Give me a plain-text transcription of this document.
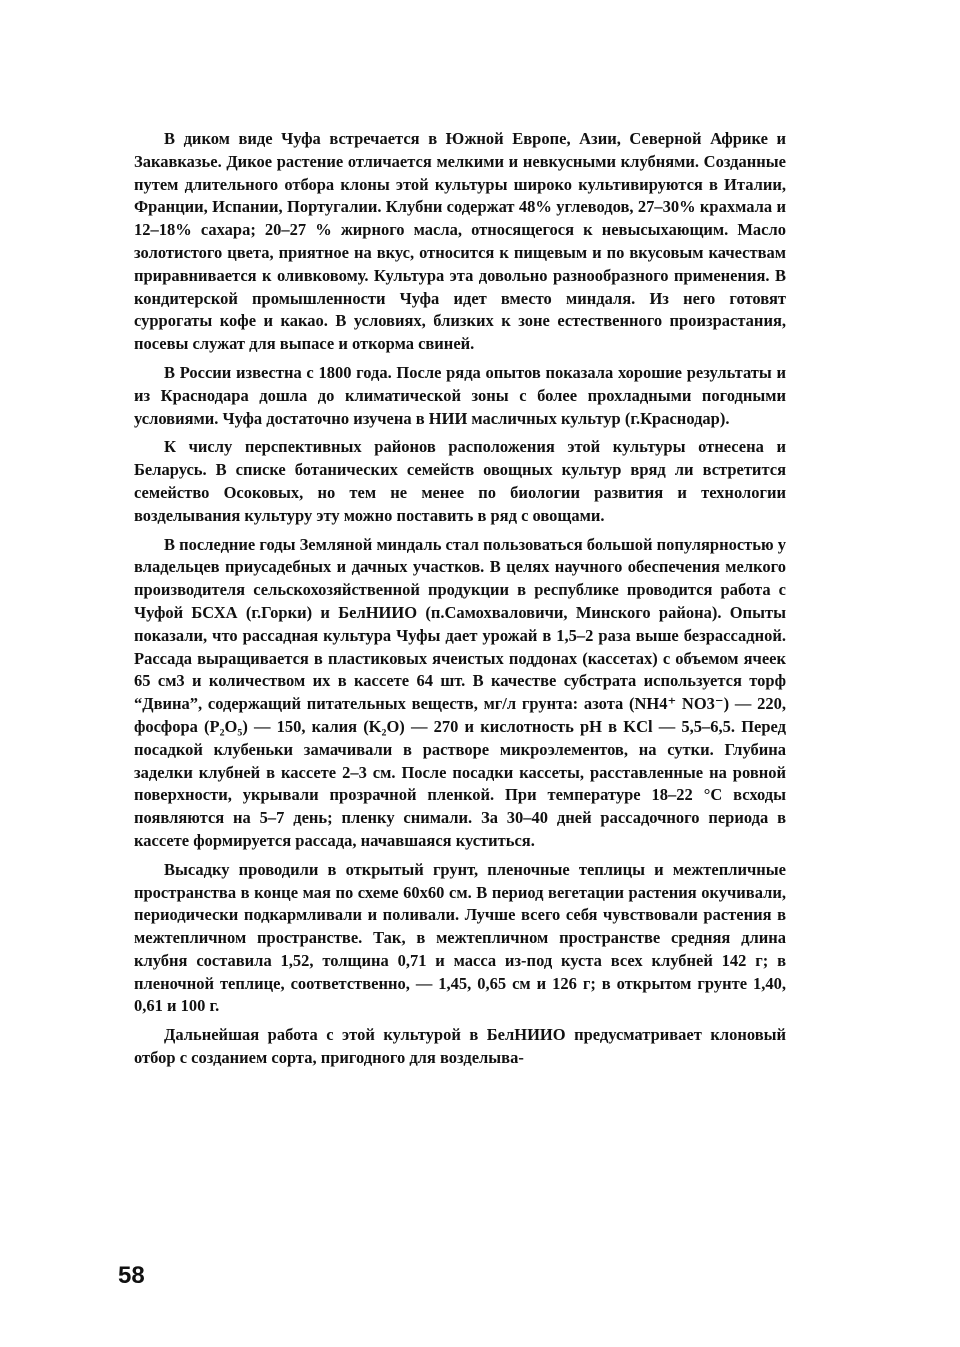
В диком виде Чуфа встречается в Южной Европе, Азии, Северной Африке и Закавказье. Дикое растение отличается мелкими и невкусными клубнями. Созданные путем длительного отбора клоны этой культуры широко культивируются в Италии, Франции, Испании, Португалии. Клубни содержат 48% углеводов, 27–30% крахмала и 12–18% сахара; 20–27 % жирного масла, относящегося к невысыхающим. Масло золотистого цвета, приятное на вкус, относится к пищевым и по вкусовым качествам приравнивается к оливковому. Культура эта довольно разнообразного применения. В кондитерской промышленности Чуфа идет вместо миндаля. Из него готовят суррогаты кофе и какао. В условиях, близких к зоне естественного произрастания, посевы служат для выпасе и откорма свиней.

В России известна с 1800 года. После ряда опытов показала хорошие результаты и из Краснодара дошла до климатической зоны с более прохладными погодными условиями. Чуфа достаточно изучена в НИИ масличных культур (г.Краснодар).

К числу перспективных районов расположения этой культуры отнесена и Беларусь. В списке ботанических семейств овощных культур вряд ли встретится семейство Осоковых, но тем не менее по биологии развития и технологии возделывания культуру эту можно поставить в ряд с овощами.

В последние годы Земляной миндаль стал пользоваться большой популярностью у владельцев приусадебных и дачных участков. В целях научного обеспечения мелкого производителя сельскохозяйственной продукции в республике проводится работа с Чуфой БСХА (г.Горки) и БелНИИО (п.Самохваловичи, Минского района). Опыты показали, что рассадная культура Чуфы дает урожай в 1,5–2 раза выше безрассадной. Рассада выращивается в пластиковых ячеистых поддонах (кассетах) с объемом ячеек 65 см3 и количеством их в кассете 64 шт. В качестве субстрата используется торф “Двина”, содержащий питательных веществ, мг/л грунта: азота (NH4⁺ NO3⁻) — 220, фосфора (P₂O₅) — 150, калия (K₂O) — 270 и кислотность pH в KCl — 5,5–6,5. Перед посадкой клубеньки замачивали в растворе микроэлементов, на сутки. Глубина заделки клубней в кассете 2–3 см. После посадки кассеты, расставленные на ровной поверхности, укрывали прозрачной пленкой. При температуре 18–22 °С всходы появляются на 5–7 день; пленку снимали. За 30–40 дней рассадочного периода в кассете формируется рассада, начавшаяся куститься.

Высадку проводили в открытый грунт, пленочные теплицы и межтепличные пространства в конце мая по схеме 60х60 см. В период вегетации растения окучивали, периодически подкармливали и поливали. Лучше всего себя чувствовали растения в межтепличном пространстве. Так, в межтепличном пространстве средняя длина клубня составила 1,52, толщина 0,71 и масса из-под куста всех клубней 142 г; в пленочной теплице, соответственно, — 1,45, 0,65 см и 126 г; в открытом грунте 1,40, 0,61 и 100 г.

Дальнейшая работа с этой культурой в БелНИИО предусматривает клоновый отбор с созданием сорта, пригодного для возделыва-

58
